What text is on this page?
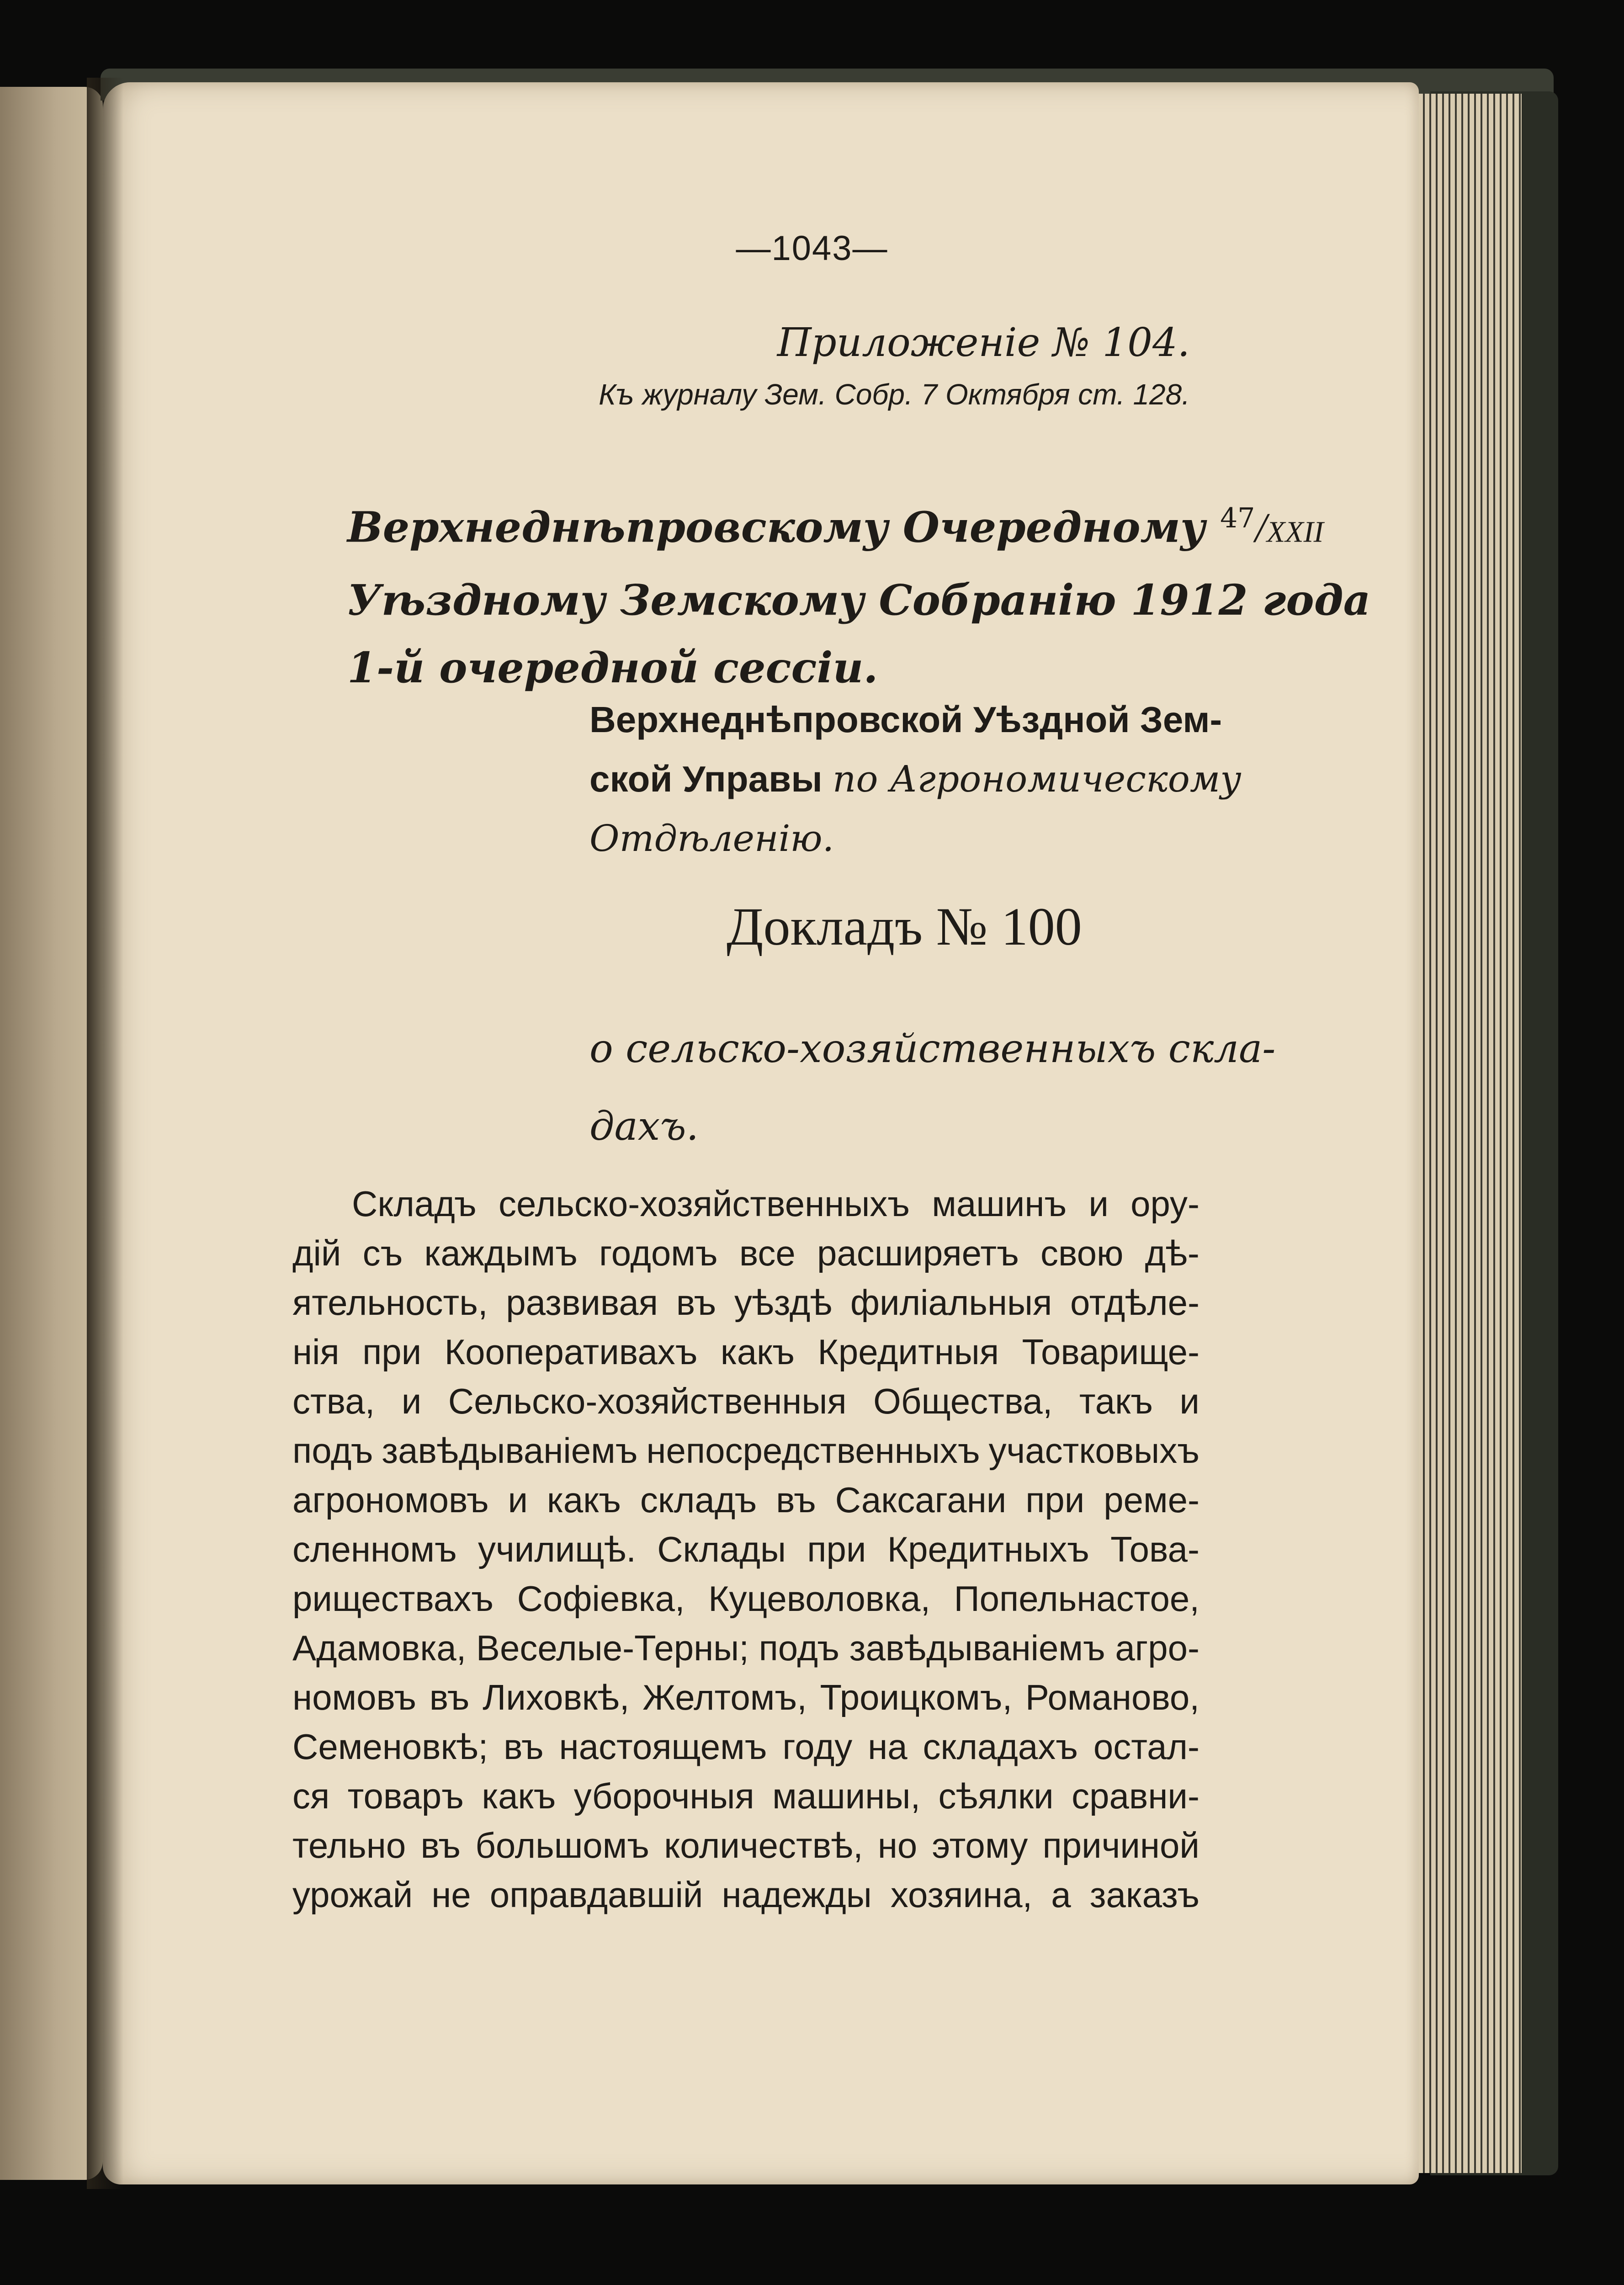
—1043—
Приложеніе № 104.
Къ журналу Зем. Собр. 7 Октября ст. 128.
Верхнеднѣпровскому Очередному $^{47}$/XXII
Уѣздному Земскому Собранію 1912 года
1-й очередной сессіи.
Верхнеднѣпровской Уѣздной Зем-
ской Управы по Агрономическому
Отдѣленію.
Докладъ № 100
о сельско-хозяйственныхъ скла-
дахъ.
Складъ сельско-хозяйственныхъ машинъ и ору-
дій съ каждымъ годомъ все расширяетъ свою дѣ-
ятельность, развивая въ уѣздѣ филіальныя отдѣле-
нія при Кооперативахъ какъ Кредитныя Товарище-
ства, и Сельско-хозяйственныя Общества, такъ и
подъ завѣдываніемъ непосредственныхъ участковыхъ
агрономовъ и какъ складъ въ Саксагани при реме-
сленномъ училищѣ. Склады при Кредитныхъ Това-
риществахъ Софіевка, Куцеволовка, Попельнастое,
Адамовка, Веселые-Терны; подъ завѣдываніемъ агро-
номовъ въ Лиховкѣ, Желтомъ, Троицкомъ, Романово,
Семеновкѣ; въ настоящемъ году на складахъ остал-
ся товаръ какъ уборочныя машины, сѣялки сравни-
тельно въ большомъ количествѣ, но этому причиной
урожай не оправдавшій надежды хозяина, а заказъ
